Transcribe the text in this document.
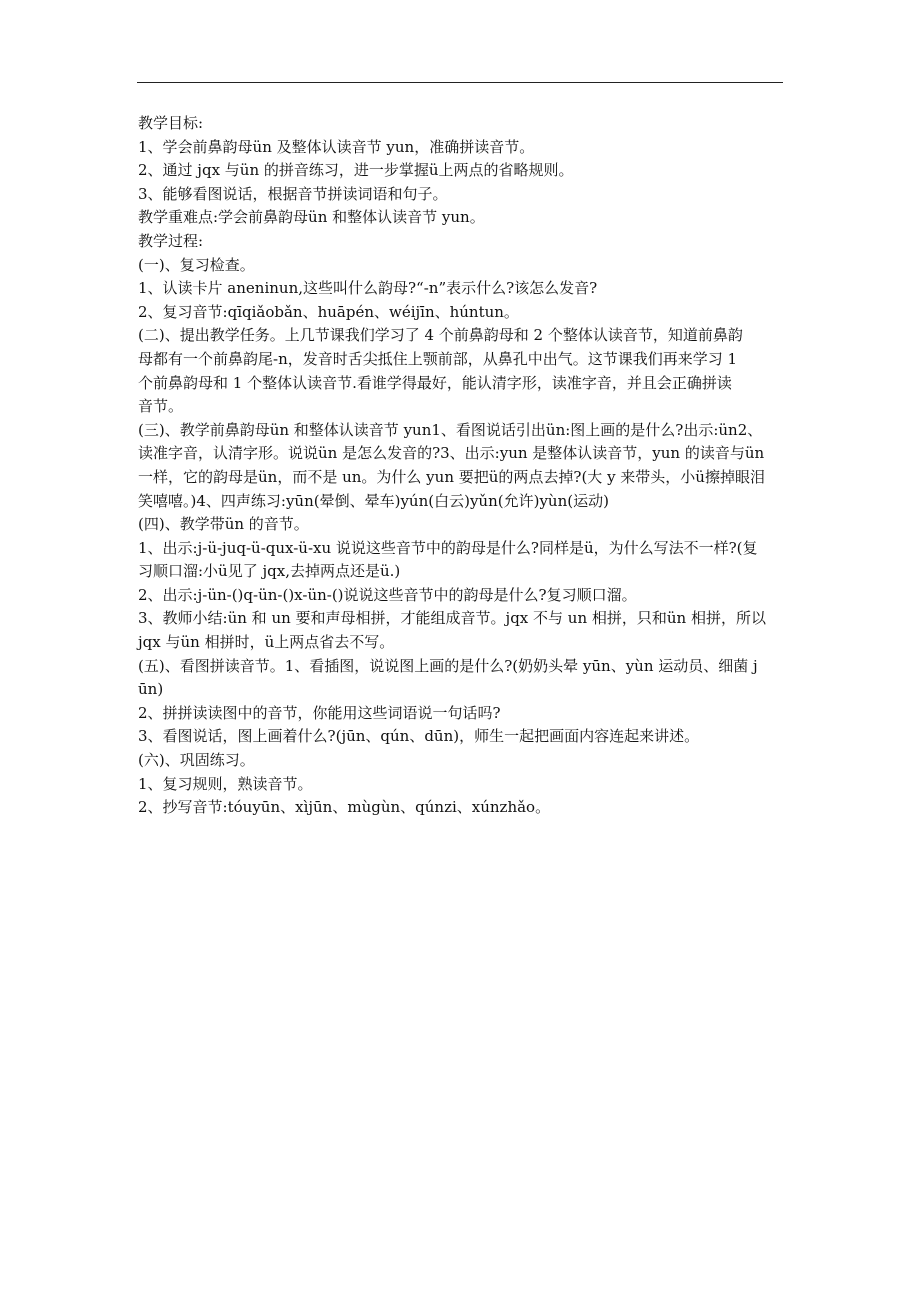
教学目标:
1、学会前鼻韵母ün 及整体认读音节 yun，准确拼读音节。
2、通过 jqx 与ün 的拼音练习，进一步掌握ü上两点的省略规则。
3、能够看图说话，根据音节拼读词语和句子。
教学重难点:学会前鼻韵母ün 和整体认读音节 yun。
教学过程:
(一)、复习检查。
1、认读卡片 aneninun,这些叫什么韵母?“-n”表示什么?该怎么发音?
2、复习音节:qīqiǎobǎn、huāpén、wéijīn、húntun。
(二)、提出教学任务。上几节课我们学习了 4 个前鼻韵母和 2 个整体认读音节，知道前鼻韵
母都有一个前鼻韵尾-n，发音时舌尖抵住上颚前部，从鼻孔中出气。这节课我们再来学习 1
个前鼻韵母和 1 个整体认读音节.看谁学得最好，能认清字形，读准字音，并且会正确拼读
音节。
(三)、教学前鼻韵母ün 和整体认读音节 yun1、看图说话引出ün:图上画的是什么?出示:ün2、
读准字音，认清字形。说说ün 是怎么发音的?3、出示:yun 是整体认读音节，yun 的读音与ün
一样，它的韵母是ün，而不是 un。为什么 yun 要把ü的两点去掉?(大 y 来带头，小ü擦掉眼泪
笑嘻嘻。)4、四声练习:yūn(晕倒、晕车)yún(白云)yǔn(允许)yùn(运动)
(四)、教学带ün 的音节。
1、出示:j-ü-juq-ü-qux-ü-xu 说说这些音节中的韵母是什么?同样是ü，为什么写法不一样?(复
习顺口溜:小ü见了 jqx,去掉两点还是ü.)
2、出示:j-ün-()q-ün-()x-ün-()说说这些音节中的韵母是什么?复习顺口溜。
3、教师小结:ün 和 un 要和声母相拼，才能组成音节。jqx 不与 un 相拼，只和ün 相拼，所以
jqx 与ün 相拼时，ü上两点省去不写。
(五)、看图拼读音节。1、看插图，说说图上画的是什么?(奶奶头晕 yūn、yùn 运动员、细菌 j
ūn)
2、拼拼读读图中的音节，你能用这些词语说一句话吗?
3、看图说话，图上画着什么?(jūn、qún、dūn)，师生一起把画面内容连起来讲述。
(六)、巩固练习。
1、复习规则，熟读音节。
2、抄写音节:tóuyūn、xìjūn、mùgùn、qúnzi、xúnzhǎo。
